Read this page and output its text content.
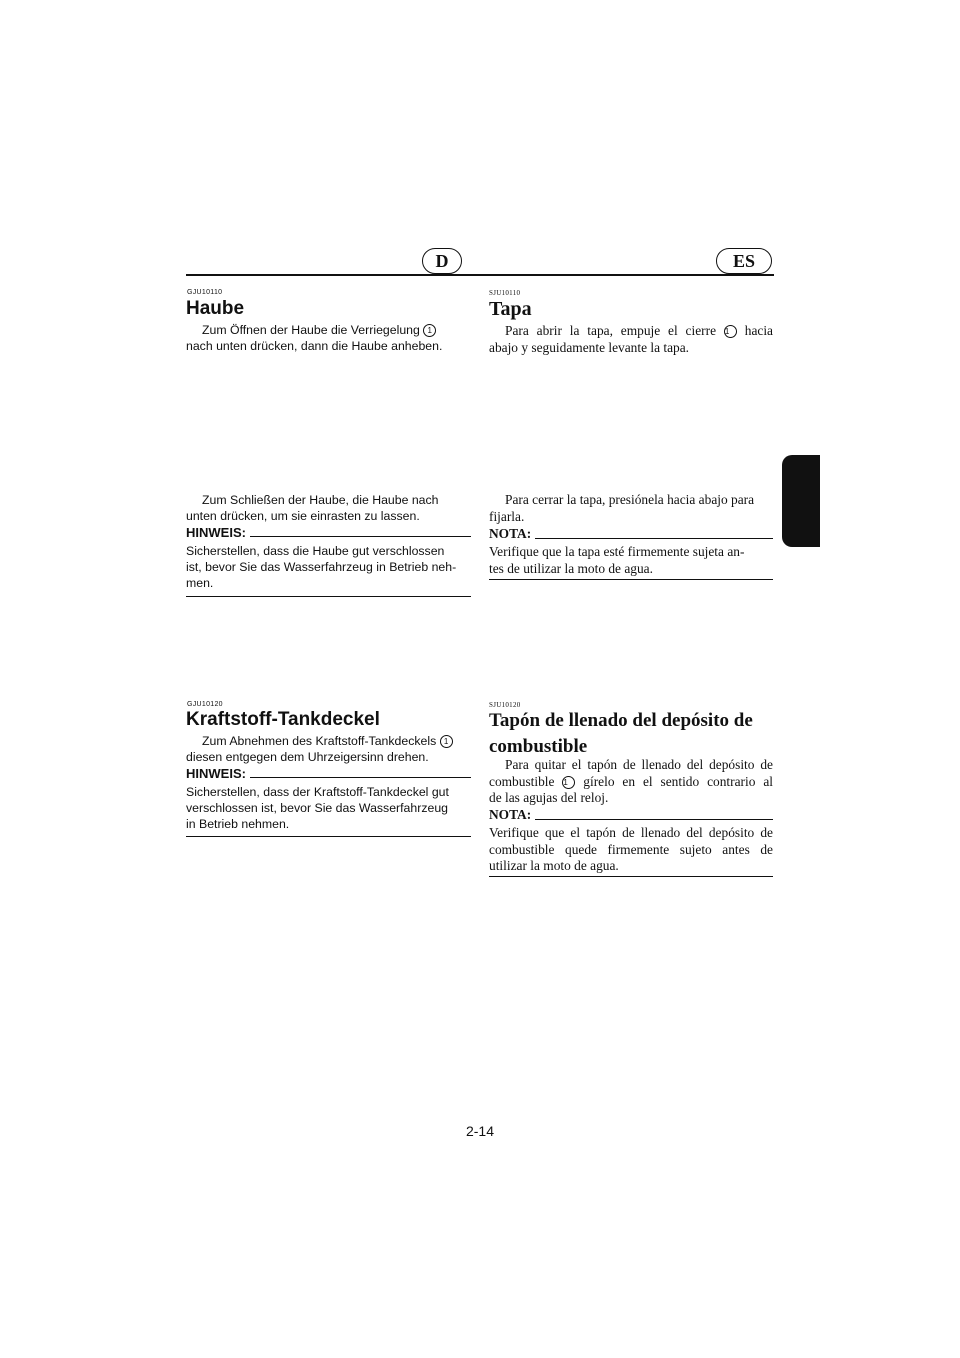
D	ES
GJU10110
Haube
Zum Öffnen der Haube die Verriegelung 1
nach unten drücken, dann die Haube anheben.
Zum Schließen der Haube, die Haube nach
unten drücken, um sie einrasten zu lassen.
HINWEIS:
Sicherstellen, dass die Haube gut verschlossen
ist, bevor Sie das Wasserfahrzeug in Betrieb neh-
men.
GJU10120
Kraftstoff-Tankdeckel
Zum Abnehmen des Kraftstoff-Tankdeckels 1
diesen entgegen dem Uhrzeigersinn drehen.
HINWEIS:
Sicherstellen, dass der Kraftstoff-Tankdeckel gut
verschlossen ist, bevor Sie das Wasserfahrzeug
in Betrieb nehmen.
SJU10110
Tapa
Para abrir la tapa, empuje el cierre 1 hacia
abajo y seguidamente levante la tapa.
Para cerrar la tapa, presiónela hacia abajo para
fijarla.
NOTA:
Verifique que la tapa esté firmemente sujeta an-
tes de utilizar la moto de agua.
SJU10120
Tapón de llenado del depósito de
combustible
Para quitar el tapón de llenado del depósito de
combustible 1 gírelo en el sentido contrario al
de las agujas del reloj.
NOTA:
Verifique que el tapón de llenado del depósito de
combustible quede firmemente sujeto antes de
utilizar la moto de agua.
2-14
